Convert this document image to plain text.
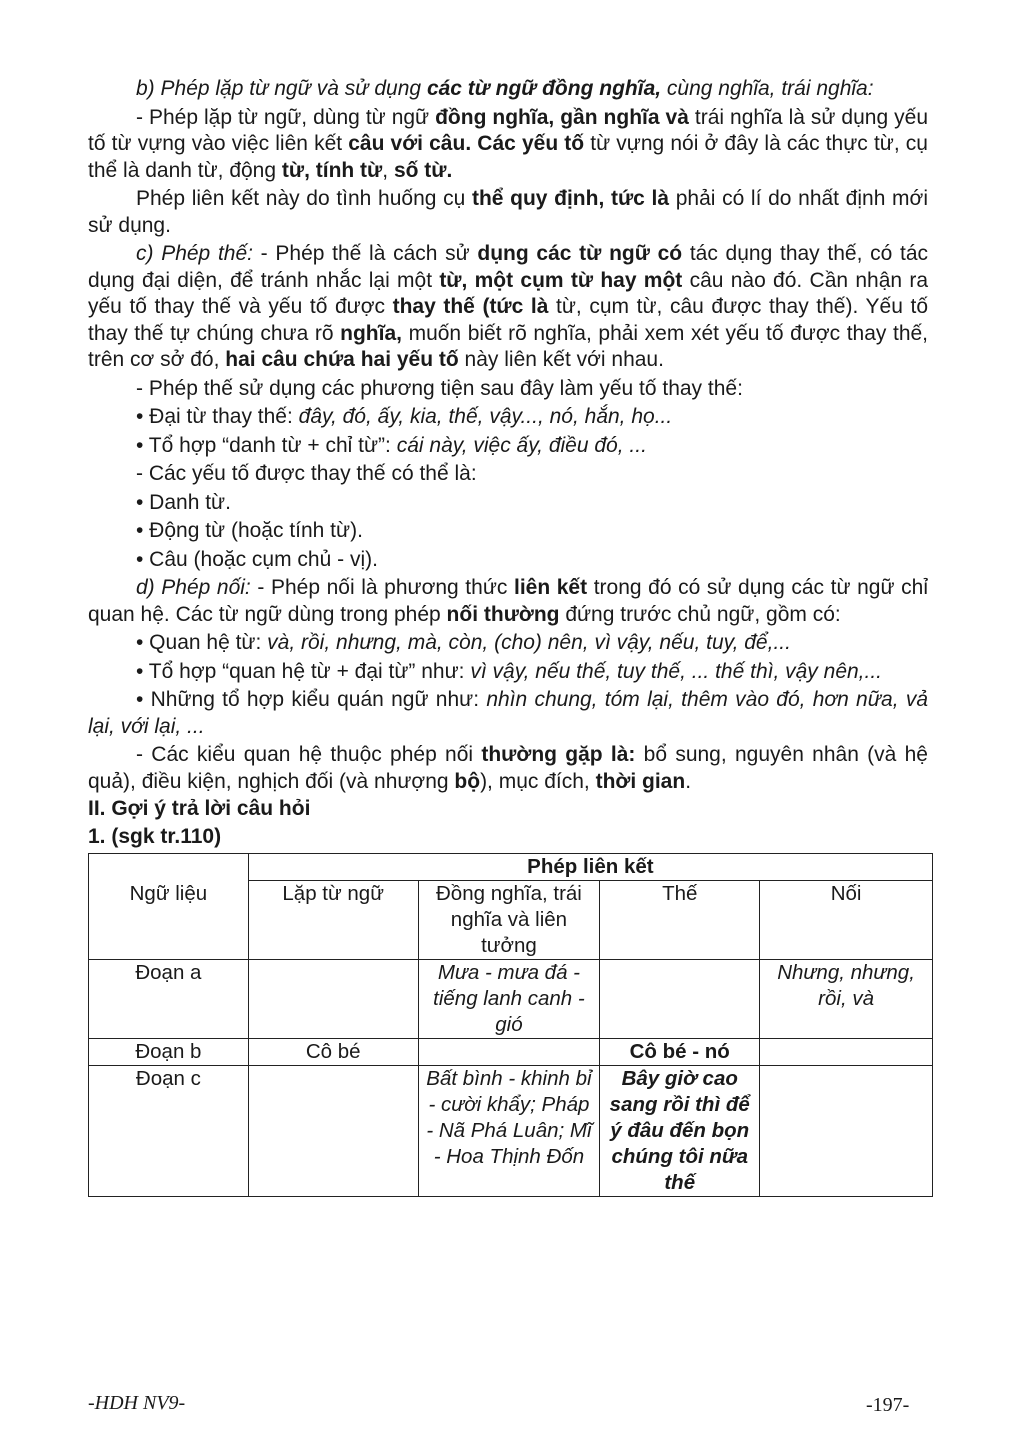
b) Phép lặp từ ngữ và sử dụng các từ ngữ đồng nghĩa, cùng nghĩa, trái nghĩa:

- Phép lặp từ ngữ, dùng từ ngữ đồng nghĩa, gần nghĩa và trái nghĩa là sử dụng yếu tố từ vựng vào việc liên kết câu với câu. Các yếu tố từ vựng nói ở đây là các thực từ, cụ thể là danh từ, động từ, tính từ, số từ.

Phép liên kết này do tình huống cụ thể quy định, tức là phải có lí do nhất định mới sử dụng.

c) Phép thế: - Phép thế là cách sử dụng các từ ngữ có tác dụng thay thế, có tác dụng đại diện, để tránh nhắc lại một từ, một cụm từ hay một câu nào đó. Cần nhận ra yếu tố thay thế và yếu tố được thay thế (tức là từ, cụm từ, câu được thay thế). Yếu tố thay thế tự chúng chưa rõ nghĩa, muốn biết rõ nghĩa, phải xem xét yếu tố được thay thế, trên cơ sở đó, hai câu chứa hai yếu tố này liên kết với nhau.

- Phép thế sử dụng các phương tiện sau đây làm yếu tố thay thế:

• Đại từ thay thế: đây, đó, ấy, kia, thế, vậy..., nó, hắn, họ...

• Tổ hợp “danh từ + chỉ từ”: cái này, việc ấy, điều đó, ...

- Các yếu tố được thay thế có thể là:

• Danh từ.

• Động từ (hoặc tính từ).

• Câu (hoặc cụm chủ - vị).

d) Phép nối: - Phép nối là phương thức liên kết trong đó có sử dụng các từ ngữ chỉ quan hệ. Các từ ngữ dùng trong phép nối thường đứng trước chủ ngữ, gồm có:

• Quan hệ từ: và, rồi, nhưng, mà, còn, (cho) nên, vì vậy, nếu, tuy, để,...

• Tổ hợp “quan hệ từ + đại từ” như: vì vậy, nếu thế, tuy thế, ... thế thì, vậy nên,...

• Những tổ hợp kiểu quán ngữ như: nhìn chung, tóm lại, thêm vào đó, hơn nữa, vả lại, với lại, ...

- Các kiểu quan hệ thuộc phép nối thường gặp là: bổ sung, nguyên nhân (và hệ quả), điều kiện, nghịch đối (và nhượng bộ), mục đích, thời gian.

II. Gợi ý trả lời câu hỏi
1. (sgk tr.110)
	Phép liên kết			
Ngữ liệu	Lặp từ ngữ	Đồng nghĩa, trái nghĩa và liên tưởng	Thế	Nối
Đoạn a		Mưa - mưa đá - tiếng lanh canh - gió		Nhưng, nhưng, rồi, và
Đoạn b	Cô bé		Cô bé - nó	
Đoạn c		Bất bình - khinh bỉ - cười khẩy; Pháp - Nã Phá Luân; Mĩ - Hoa Thịnh Đốn	Bây giờ cao sang rồi thì để ý đâu đến bọn chúng tôi nữa thế	
-HDH NV9-	-197-
